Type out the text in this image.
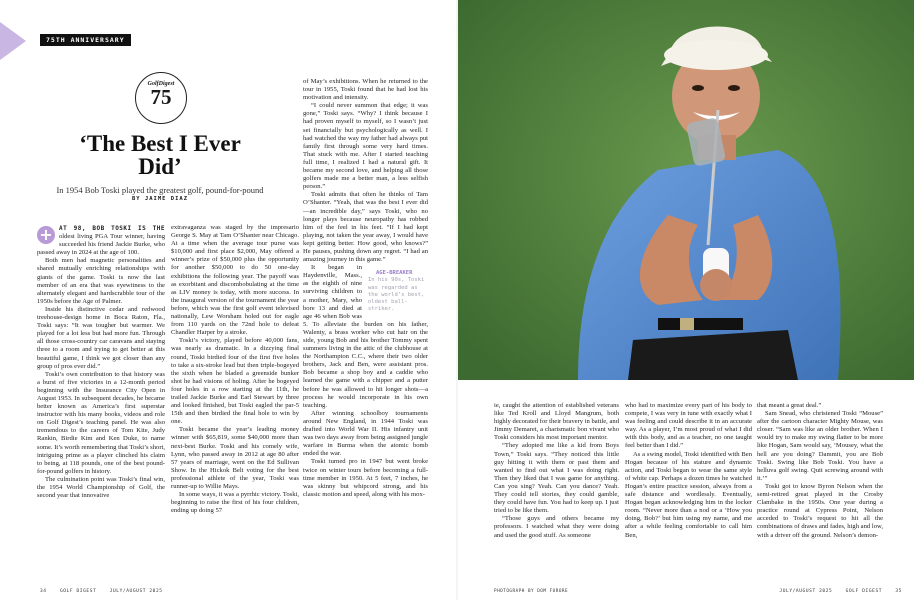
75TH ANNIVERSARY
GolfDigest
75
‘The Best I Ever Did’
In 1954 Bob Toski played the greatest golf, pound-for-pound
BY JAIME DIAZ

+	AT 98, BOB TOSKI IS THE oldest living PGA Tour winner, having succeeded his friend Jackie Burke, who passed away in 2024 at the age of 100.

Both men had magnetic personalities and shared mutually enriching relationships with giants of the game. Toski is now the last member of an era that was eyewitness to the alternately elegant and hardscrabble tour of the 1950s before the Age of Palmer.

Inside his distinctive cedar and redwood treehouse-design home in Boca Raton, Fla., Toski says: “It was tougher but warmer. We played for a lot less but had more fun. Through all those cross-country car caravans and staying three to a room and trying to get better at this beautiful game, I think we got closer than any group of pros ever did.”

Toski’s own contribution to that history was a burst of five victories in a 12-month period beginning with the Insurance City Open in August 1953. In subsequent decades, he became better known as America’s first superstar instructor with his many books, videos and role on Golf Digest’s teaching panel. He was also tremendous to the careers of Tom Kite, Judy Rankin, Birdie Kim and Ken Duke, to name some. It’s worth remembering that Toski’s short, intriguing prime as a player clinched his claim to being, at 118 pounds, one of the best pound-for-pound golfers in history.

The culmination point was Toski’s final win, the 1954 World Championship of Golf, the second year that innovative

extravaganza was staged by the impresario George S. May at Tam O’Shanter near Chicago. At a time when the average tour purse was $10,000 and first place $2,000, May offered a winner’s prize of $50,000 plus the opportunity for another $50,000 to do 50 one-day exhibitions the following year. The payoff was as exorbitant and discombobulating at the time as LIV money is today, with more success. In the inaugural version of the tournament the year before, which was the first golf event televised nationally, Lew Worsham holed out for eagle from 110 yards on the 72nd hole to defeat Chandler Harper by a stroke.

Toski’s victory, played before 40,000 fans, was nearly as dramatic. In a dizzying final round, Toski birdied four of the first five holes to take a six-stroke lead but then triple-bogeyed the sixth when he bladed a greenside bunker shot he had visions of holing. After he bogeyed four holes in a row starting at the 11th, he trailed Jackie Burke and Earl Stewart by three and looked finished, but Toski eagled the par-5 15th and then birdied the final hole to win by one.

Toski became the year’s leading money winner with $65,819, some $40,000 more than next-best Burke. Toski and his comely wife, Lynn, who passed away in 2012 at age 80 after 57 years of marriage, went on the Ed Sullivan Show. In the Hickok Belt voting for the best professional athlete of the year, Toski was runner-up to Willie Mays.

In some ways, it was a pyrrhic victory. Toski, beginning to raise the first of his four children, ending up doing 57

of May’s exhibitions. When he returned to the tour in 1955, Toski found that he had lost his motivation and intensity.

“I could never summon that edge; it was gone,” Toski says. “Why? I think because I had proven myself to myself, so I wasn’t just set financially but psychologically as well. I had watched the way my father had always put family first through some very hard times. That stuck with me. After I started teaching full time, I realized I had a natural gift. It became my second love, and helping all those golfers made me a better man, a less selfish person.”

Toski admits that often he thinks of Tam O’Shanter. “Yeah, that was the best I ever did—an incredible day,” says Toski, who no longer plays because neuropathy has robbed him of the feel in his feet. “If I had kept playing, not taken the year away, I would have kept getting better. How good, who knows?” He pauses, pushing down any regret. “I had an amazing journey in this game.”

AGE-BREAKER
In his 90s, Toski was regarded as the world’s best, oldest ball-striker.
It began in Haydenville, Mass., as the eighth of nine surviving children to a mother, Mary, who bore 13 and died at age 46 when Bob was 5. To alleviate the burden on his father, Walenty, a brass worker who cut hair on the side, young Bob and his brother Tommy spent summers living in the attic of the clubhouse at the Northampton C.C., where their two older brothers, Jack and Ben, were assistant pros. Bob became a shop boy and a caddie who learned the game with a chipper and a putter before he was allowed to hit longer shots—a process he would incorporate in his own teaching.

After winning schoolboy tournaments around New England, in 1944 Toski was drafted into World War II. His infantry unit was two days away from being assigned jungle warfare in Burma when the atomic bomb ended the war.

Toski turned pro in 1947 but went broke twice on winter tours before becoming a full-time member in 1950. At 5 feet, 7 inches, he was skinny but whipcord strong, and his classic motion and speed, along with his mox-

ie, caught the attention of established veterans like Ted Kroll and Lloyd Mangrum, both highly decorated for their bravery in battle, and Jimmy Demaret, a charismatic bon vivant who Toski considers his most important mentor.

“They adopted me like a kid from Boys Town,” Toski says. “They noticed this little guy hitting it with them or past them and wanted to find out what I was doing right. Then they liked that I was game for anything. Can you sing? Yeah. Can you dance? Yeah. They could tell stories, they could gamble, they could have fun. You had to keep up. I just tried to be like them.

“Those guys and others became my professors. I watched what they were doing and used the good stuff. As someone

who had to maximize every part of his body to compete, I was very in tune with exactly what I was feeling and could describe it in an accurate way. As a player, I’m most proud of what I did with this body, and as a teacher, no one taught feel better than I did.”

As a swing model, Toski identified with Ben Hogan because of his stature and dynamic action, and Toski began to wear the same style of white cap. Perhaps a dozen times he watched Hogan’s entire practice session, always from a safe distance and wordlessly. Eventually, Hogan began acknowledging him in the locker room. “Never more than a nod or a ‘How you doing, Bob?’ but him using my name, and me after a while feeling comfortable to call him Ben,

that meant a great deal.”

Sam Snead, who christened Toski “Mouse” after the cartoon character Mighty Mouse, was closer. “Sam was like an older brother. When I would try to make my swing flatter to be more like Hogan, Sam would say, ‘Mousey, what the hell are you doing? Dammit, you are Bob Toski. Swing like Bob Toski. You have a helluva golf swing. Quit screwing around with it.’”

Toski got to know Byron Nelson when the semi-retired great played in the Crosby Clambake in the 1950s. One year during a practice round at Cypress Point, Nelson acceded to Toski’s request to hit all the combinations of draws and fades, high and low, with a driver off the ground. Nelson’s demon-

34	GOLF DIGEST	JULY/AUGUST 2025	PHOTOGRAPH BY DOM FURORE	JULY/AUGUST 2025	GOLF DIGEST	35
